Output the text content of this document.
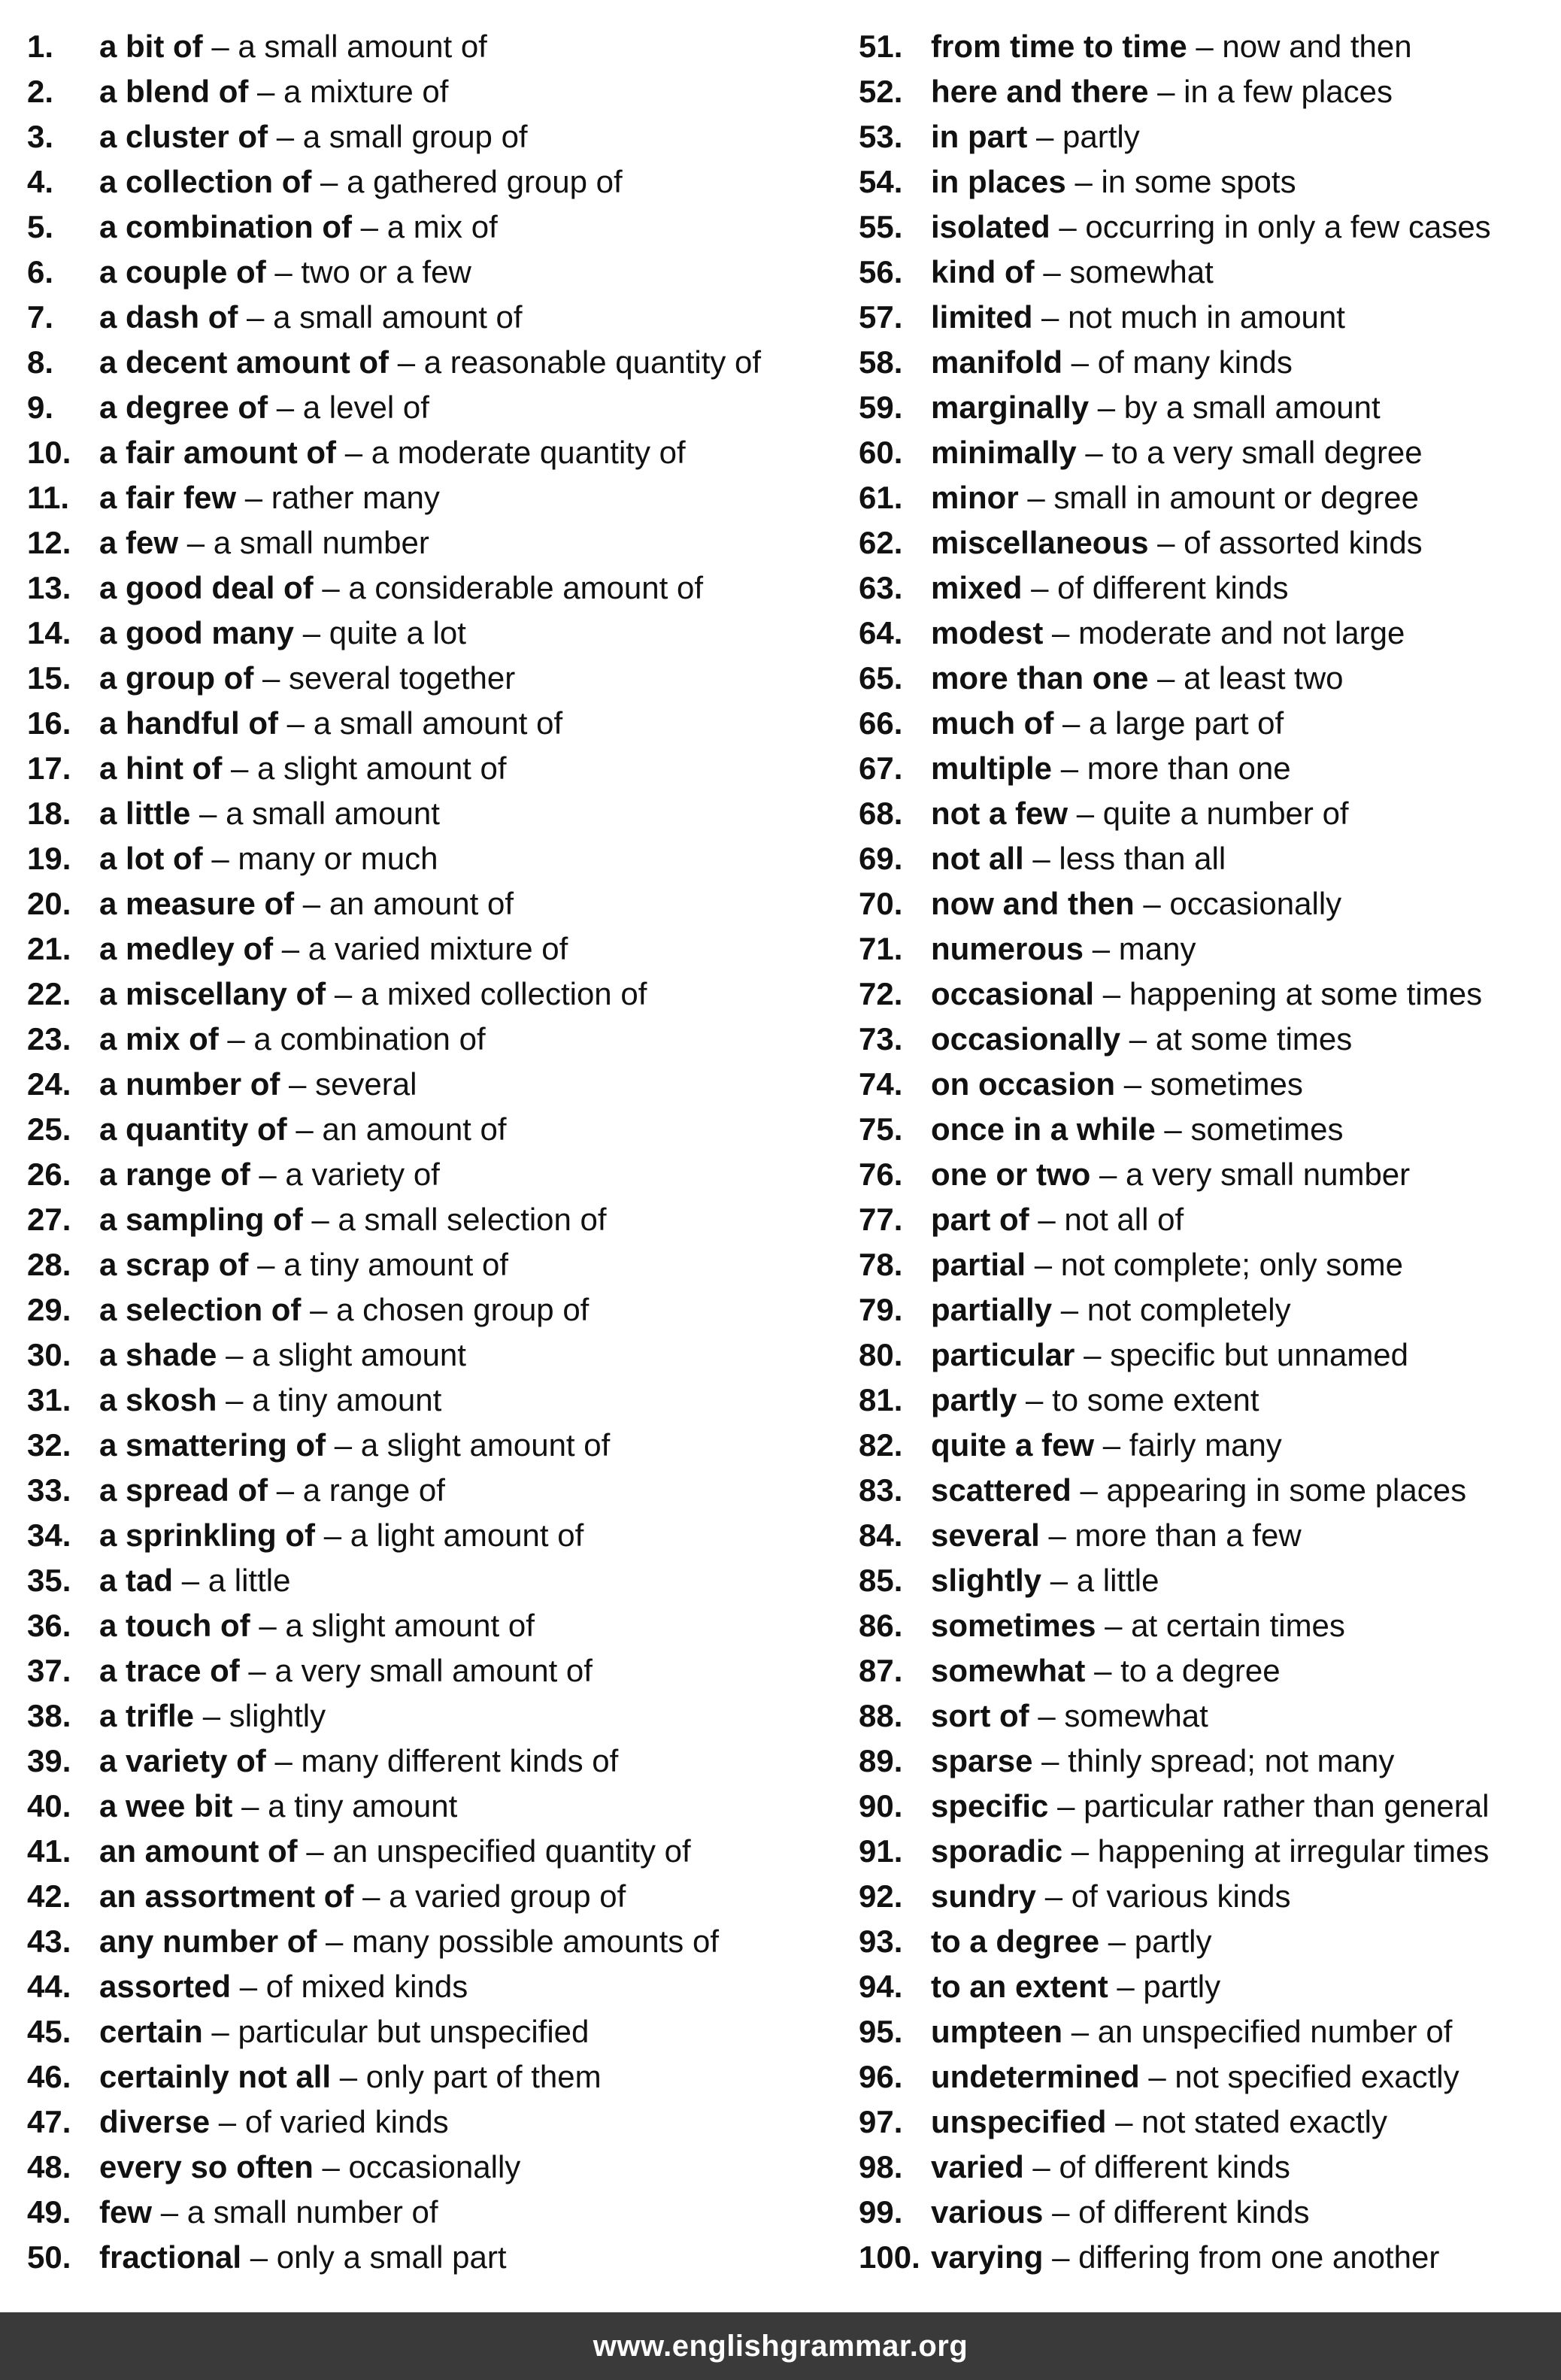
1. a bit of – a small amount of
2. a blend of – a mixture of
3. a cluster of – a small group of
4. a collection of – a gathered group of
5. a combination of – a mix of
6. a couple of – two or a few
7. a dash of – a small amount of
8. a decent amount of – a reasonable quantity of
9. a degree of – a level of
10. a fair amount of – a moderate quantity of
11. a fair few – rather many
12. a few – a small number
13. a good deal of – a considerable amount of
14. a good many – quite a lot
15. a group of – several together
16. a handful of – a small amount of
17. a hint of – a slight amount of
18. a little – a small amount
19. a lot of – many or much
20. a measure of – an amount of
21. a medley of – a varied mixture of
22. a miscellany of – a mixed collection of
23. a mix of – a combination of
24. a number of – several
25. a quantity of – an amount of
26. a range of – a variety of
27. a sampling of – a small selection of
28. a scrap of – a tiny amount of
29. a selection of – a chosen group of
30. a shade – a slight amount
31. a skosh – a tiny amount
32. a smattering of – a slight amount of
33. a spread of – a range of
34. a sprinkling of – a light amount of
35. a tad – a little
36. a touch of – a slight amount of
37. a trace of – a very small amount of
38. a trifle – slightly
39. a variety of – many different kinds of
40. a wee bit – a tiny amount
41. an amount of – an unspecified quantity of
42. an assortment of – a varied group of
43. any number of – many possible amounts of
44. assorted – of mixed kinds
45. certain – particular but unspecified
46. certainly not all – only part of them
47. diverse – of varied kinds
48. every so often – occasionally
49. few – a small number of
50. fractional – only a small part
51. from time to time – now and then
52. here and there – in a few places
53. in part – partly
54. in places – in some spots
55. isolated – occurring in only a few cases
56. kind of – somewhat
57. limited – not much in amount
58. manifold – of many kinds
59. marginally – by a small amount
60. minimally – to a very small degree
61. minor – small in amount or degree
62. miscellaneous – of assorted kinds
63. mixed – of different kinds
64. modest – moderate and not large
65. more than one – at least two
66. much of – a large part of
67. multiple – more than one
68. not a few – quite a number of
69. not all – less than all
70. now and then – occasionally
71. numerous – many
72. occasional – happening at some times
73. occasionally – at some times
74. on occasion – sometimes
75. once in a while – sometimes
76. one or two – a very small number
77. part of – not all of
78. partial – not complete; only some
79. partially – not completely
80. particular – specific but unnamed
81. partly – to some extent
82. quite a few – fairly many
83. scattered – appearing in some places
84. several – more than a few
85. slightly – a little
86. sometimes – at certain times
87. somewhat – to a degree
88. sort of – somewhat
89. sparse – thinly spread; not many
90. specific – particular rather than general
91. sporadic – happening at irregular times
92. sundry – of various kinds
93. to a degree – partly
94. to an extent – partly
95. umpteen – an unspecified number of
96. undetermined – not specified exactly
97. unspecified – not stated exactly
98. varied – of different kinds
99. various – of different kinds
100. varying – differing from one another
www.englishgrammar.org
